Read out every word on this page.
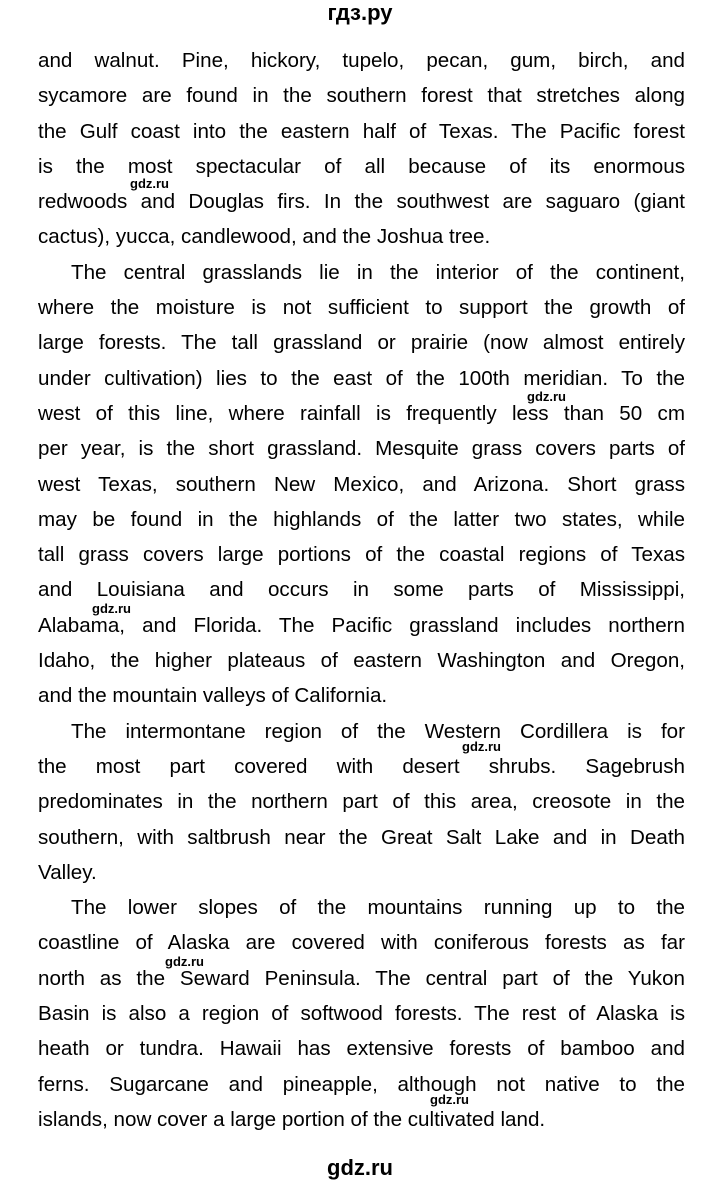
гдз.ру

and walnut. Pine, hickory, tupelo, pecan, gum, birch, and
sycamore are found in the southern forest that stretches along
the Gulf coast into the eastern half of Texas. The Pacific forest
is the most spectacular of all because of its enormous
redwoods and Douglas firs. In the southwest are saguaro (giant
cactus), yucca, candlewood, and the Joshua tree.

The central grasslands lie in the interior of the continent,
where the moisture is not sufficient to support the growth of
large forests. The tall grassland or prairie (now almost entirely
under cultivation) lies to the east of the 100th meridian. To the
west of this line, where rainfall is frequently less than 50 cm
per year, is the short grassland. Mesquite grass covers parts of
west Texas, southern New Mexico, and Arizona. Short grass
may be found in the highlands of the latter two states, while
tall grass covers large portions of the coastal regions of Texas
and Louisiana and occurs in some parts of Mississippi,
Alabama, and Florida. The Pacific grassland includes northern
Idaho, the higher plateaus of eastern Washington and Oregon,
and the mountain valleys of California.

The intermontane region of the Western Cordillera is for
the most part covered with desert shrubs. Sagebrush
predominates in the northern part of this area, creosote in the
southern, with saltbrush near the Great Salt Lake and in Death
Valley.

The lower slopes of the mountains running up to the
coastline of Alaska are covered with coniferous forests as far
north as the Seward Peninsula. The central part of the Yukon
Basin is also a region of softwood forests. The rest of Alaska is
heath or tundra. Hawaii has extensive forests of bamboo and
ferns. Sugarcane and pineapple, although not native to the
islands, now cover a large portion of the cultivated land.

gdz.ru
gdz.ru
gdz.ru
gdz.ru
gdz.ru
gdz.ru
gdz.ru
